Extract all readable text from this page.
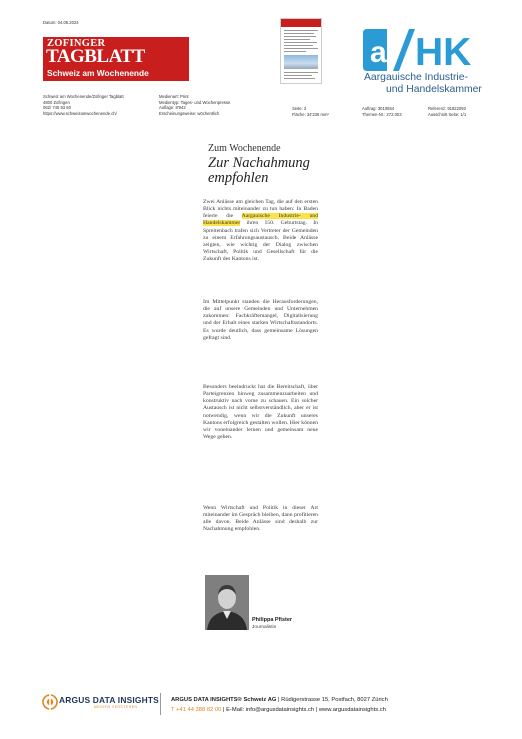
Datum: 04.05.2024
ZOFINGER
TAGBLATT
Schweiz am Wochenende
a HK
Aargauische Industrie-
und Handelskammer
Schweiz am Wochenende/Zofinger Tagblatt
4800 Zofingen
062/ 745 93 50
https://www.schweizamwochenende.ch/
Medienart: Print
Medientyp: Tages- und Wochenpresse
Auflage: 8'942
Erscheinungsweise: wöchentlich
Seite: 3
Fläche: 34'236 mm²
Auftrag: 3010554
Themen-Nr.: 272.003
Referenz: 91822093
Ausschnitt Seite: 1/1
Zum Wochenende
Zur Nachahmung
empfohlen
Zwei Anlässe am gleichen Tag, die auf den ersten Blick nichts miteinander zu tun haben: In Baden feierte die Aargauische Industrie- und Handelskammer ihren 150. Geburtstag. In Spreitenbach trafen sich Vertreter der Gemeinden zu einem Erfahrungsaustausch. Beide Anlässe zeigten, wie wichtig der Dialog zwischen Wirtschaft, Politik und Gesellschaft für die Zukunft des Kantons ist.
Im Mittelpunkt standen die Herausforderungen, die auf unsere Gemeinden und Unternehmen zukommen: Fachkräftemangel, Digitalisierung und der Erhalt eines starken Wirtschaftsstandorts. Es wurde deutlich, dass gemeinsame Lösungen gefragt sind.
Besonders beeindruckt hat die Bereitschaft, über Parteigrenzen hinweg zusammenzuarbeiten und konstruktiv nach vorne zu schauen. Ein solcher Austausch ist nicht selbstverständlich, aber er ist notwendig, wenn wir die Zukunft unseres Kantons erfolgreich gestalten wollen. Hier können wir voneinander lernen und gemeinsam neue Wege gehen.
Wenn Wirtschaft und Politik in dieser Art miteinander im Gespräch bleiben, dann profitieren alle davon. Beide Anlässe sind deshalb zur Nachahmung empfohlen.
Philippa Pfister
Journalistin
ARGUS DATA INSIGHTS
MEDIEN VERSTEHEN
ARGUS DATA INSIGHTS® Schweiz AG | Rüdigerstrasse 15, Postfach, 8027 Zürich
T +41 44 388 82 00 | E-Mail: info@argusdatainsights.ch | www.argusdatainsights.ch
